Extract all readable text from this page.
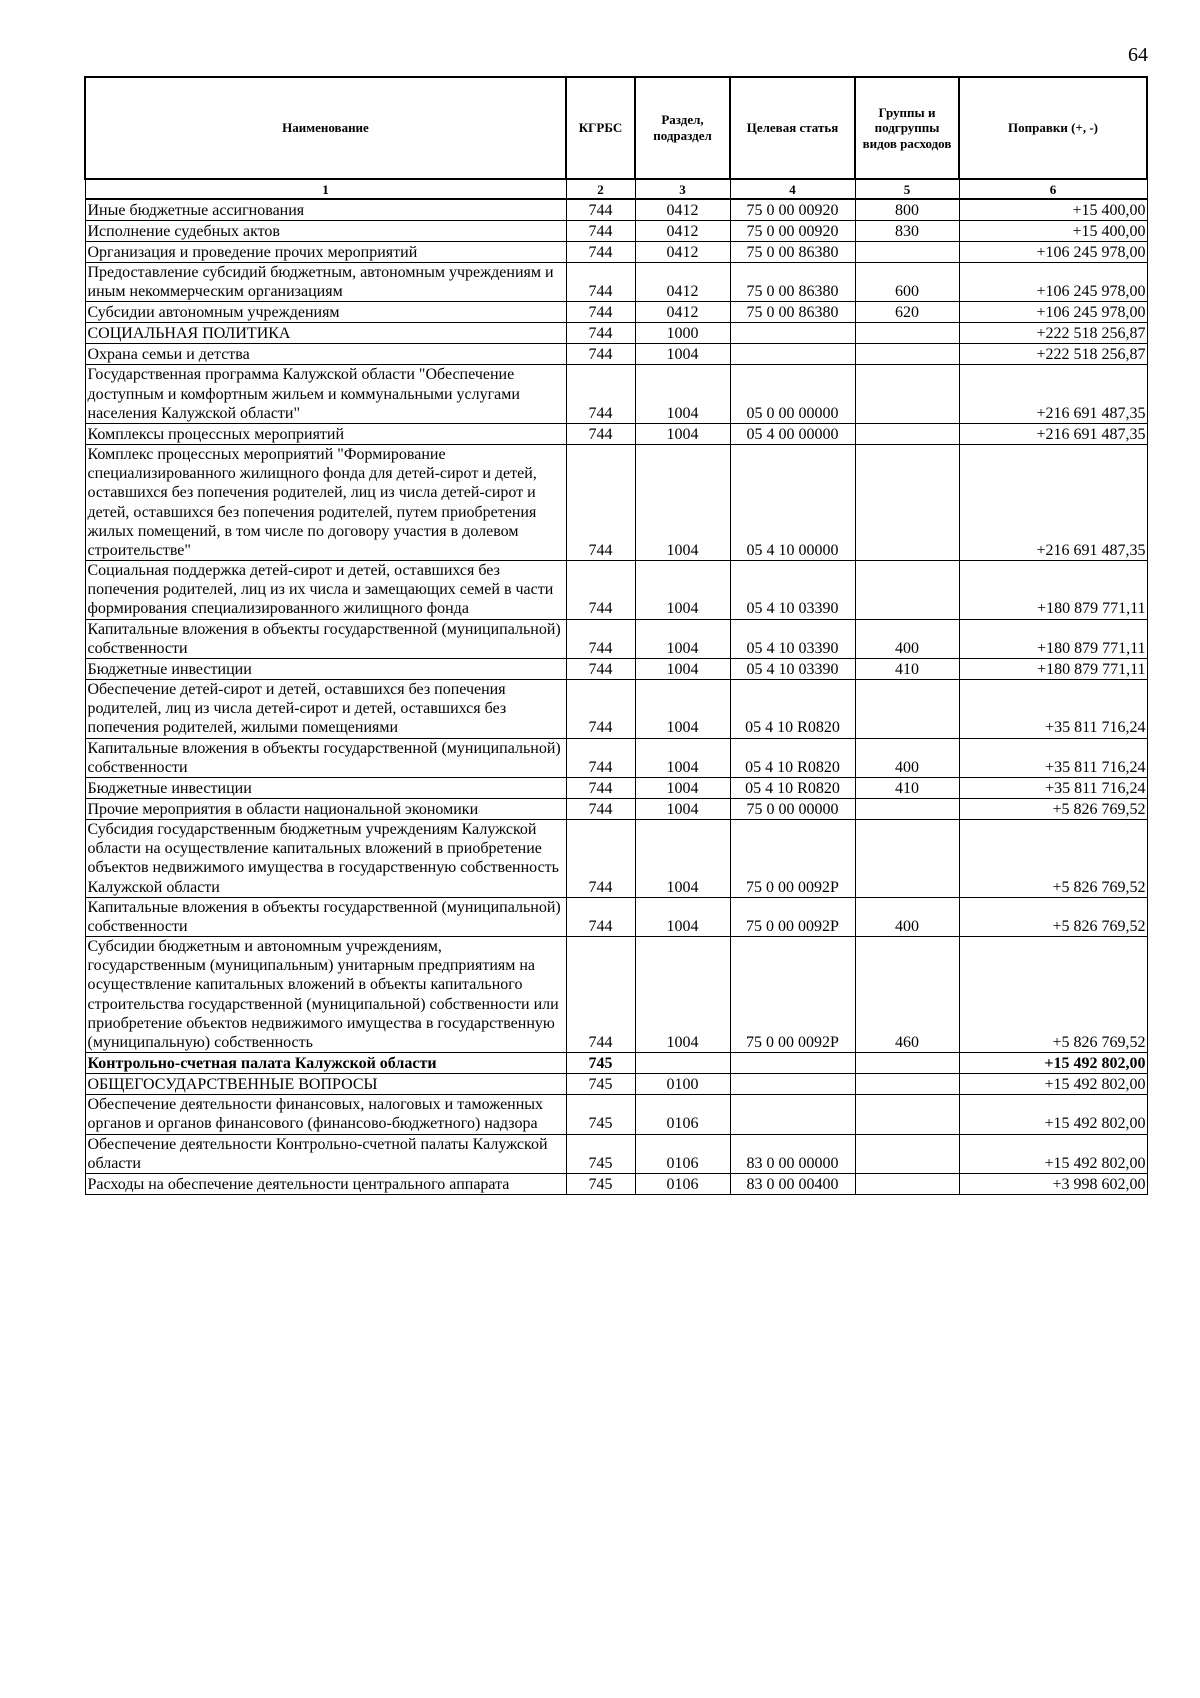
64
Наименование	КГРБС	Раздел, подраздел	Целевая статья	Группы и подгруппы видов расходов	Поправки (+, -)
1	2	3	4	5	6
Иные бюджетные ассигнования	744	0412	75 0 00 00920	800	+15 400,00
Исполнение судебных актов	744	0412	75 0 00 00920	830	+15 400,00
Организация и проведение прочих мероприятий	744	0412	75 0 00 86380		+106 245 978,00
Предоставление субсидий бюджетным, автономным учреждениям и иным некоммерческим организациям	744	0412	75 0 00 86380	600	+106 245 978,00
Субсидии автономным учреждениям	744	0412	75 0 00 86380	620	+106 245 978,00
СОЦИАЛЬНАЯ ПОЛИТИКА	744	1000			+222 518 256,87
Охрана семьи и детства	744	1004			+222 518 256,87
Государственная программа Калужской области "Обеспечение доступным и комфортным жильем и коммунальными услугами населения Калужской области"	744	1004	05 0 00 00000		+216 691 487,35
Комплексы процессных мероприятий	744	1004	05 4 00 00000		+216 691 487,35
Комплекс процессных мероприятий "Формирование специализированного жилищного фонда для детей-сирот и детей, оставшихся без попечения родителей, лиц из числа детей-сирот и детей, оставшихся без попечения родителей, путем приобретения жилых помещений, в том числе по договору участия в долевом строительстве"	744	1004	05 4 10 00000		+216 691 487,35
Социальная поддержка детей-сирот и детей, оставшихся без попечения родителей, лиц из их числа и замещающих семей в части формирования специализированного жилищного фонда	744	1004	05 4 10 03390		+180 879 771,11
Капитальные вложения в объекты государственной (муниципальной) собственности	744	1004	05 4 10 03390	400	+180 879 771,11
Бюджетные инвестиции	744	1004	05 4 10 03390	410	+180 879 771,11
Обеспечение детей-сирот и детей, оставшихся без попечения родителей, лиц из числа детей-сирот и детей, оставшихся без попечения родителей, жилыми помещениями	744	1004	05 4 10 R0820		+35 811 716,24
Капитальные вложения в объекты государственной (муниципальной) собственности	744	1004	05 4 10 R0820	400	+35 811 716,24
Бюджетные инвестиции	744	1004	05 4 10 R0820	410	+35 811 716,24
Прочие мероприятия в области национальной экономики	744	1004	75 0 00 00000		+5 826 769,52
Субсидия государственным бюджетным учреждениям Калужской области на осуществление капитальных вложений в приобретение объектов недвижимого имущества в государственную собственность Калужской области	744	1004	75 0 00 0092Р		+5 826 769,52
Капитальные вложения в объекты государственной (муниципальной) собственности	744	1004	75 0 00 0092Р	400	+5 826 769,52
Субсидии бюджетным и автономным учреждениям, государственным (муниципальным) унитарным предприятиям на осуществление капитальных вложений в объекты капитального строительства государственной (муниципальной) собственности или приобретение объектов недвижимого имущества в государственную (муниципальную) собственность	744	1004	75 0 00 0092Р	460	+5 826 769,52
Контрольно-счетная палата Калужской области	745				+15 492 802,00
ОБЩЕГОСУДАРСТВЕННЫЕ ВОПРОСЫ	745	0100			+15 492 802,00
Обеспечение деятельности финансовых, налоговых и таможенных органов и органов финансового (финансово-бюджетного) надзора	745	0106			+15 492 802,00
Обеспечение деятельности Контрольно-счетной палаты Калужской области	745	0106	83 0 00 00000		+15 492 802,00
Расходы на обеспечение деятельности центрального аппарата	745	0106	83 0 00 00400		+3 998 602,00
